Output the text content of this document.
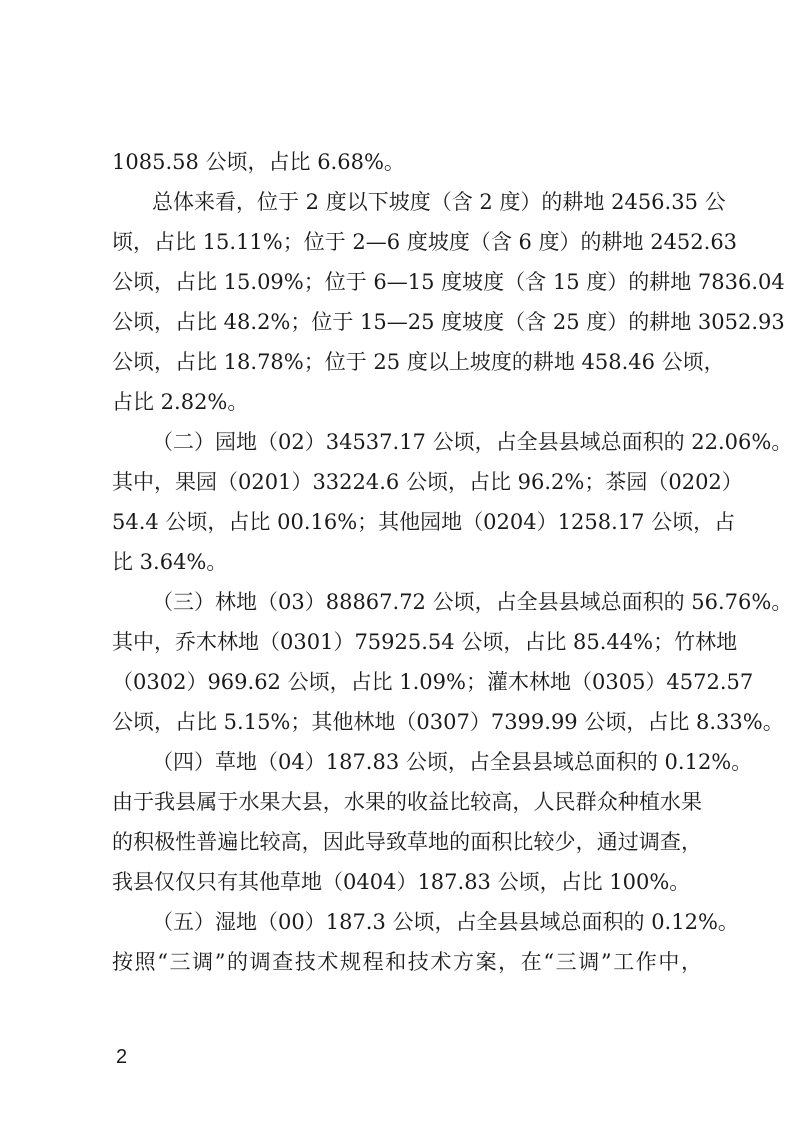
1085.58 公顷，占比 6.68%。
总体来看，位于 2 度以下坡度（含 2 度）的耕地 2456.35 公
顷，占比 15.11%；位于 2—6 度坡度（含 6 度）的耕地 2452.63
公顷，占比 15.09%；位于 6—15 度坡度（含 15 度）的耕地 7836.04
公顷，占比 48.2%；位于 15—25 度坡度（含 25 度）的耕地 3052.93
公顷，占比 18.78%；位于 25 度以上坡度的耕地 458.46 公顷，
占比 2.82%。
（二）园地（02）34537.17 公顷，占全县县域总面积的 22.06%。
其中，果园（0201）33224.6 公顷，占比 96.2%；茶园（0202）
54.4 公顷，占比 00.16%；其他园地（0204）1258.17 公顷，占
比 3.64%。
（三）林地（03）88867.72 公顷，占全县县域总面积的 56.76%。
其中，乔木林地（0301）75925.54 公顷，占比 85.44%；竹林地
（0302）969.62 公顷，占比 1.09%；灌木林地（0305）4572.57
公顷，占比 5.15%；其他林地（0307）7399.99 公顷，占比 8.33%。
（四）草地（04）187.83 公顷，占全县县域总面积的 0.12%。
由于我县属于水果大县，水果的收益比较高，人民群众种植水果
的积极性普遍比较高，因此导致草地的面积比较少，通过调查，
我县仅仅只有其他草地（0404）187.83 公顷，占比 100%。
（五）湿地（00）187.3 公顷，占全县县域总面积的 0.12%。
按照“三调”的调查技术规程和技术方案，在“三调”工作中，
2
